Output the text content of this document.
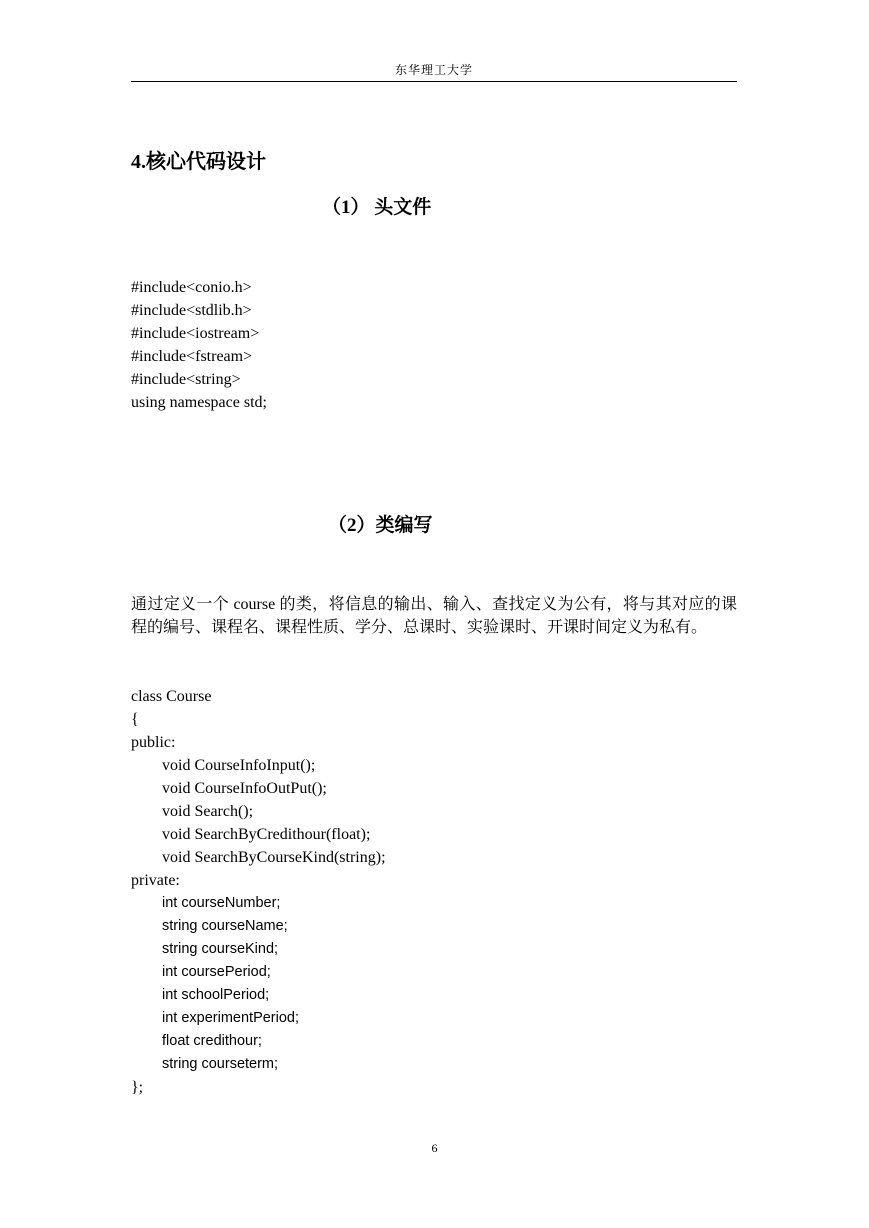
东华理工大学
4.核心代码设计
（1） 头文件
#include<conio.h>
#include<stdlib.h>
#include<iostream>
#include<fstream>
#include<string>
using namespace std;
（2）类编写
通过定义一个 course 的类，将信息的输出、输入、查找定义为公有，将与其对应的课程的编号、课程名、课程性质、学分、总课时、实验课时、开课时间定义为私有。
class Course
{
public:
void CourseInfoInput();
void CourseInfoOutPut();
void Search();
void SearchByCredithour(float);
void SearchByCourseKind(string);
private:
int courseNumber;
string courseName;
string courseKind;
int coursePeriod;
int schoolPeriod;
int experimentPeriod;
float credithour;
string courseterm;
};
6
